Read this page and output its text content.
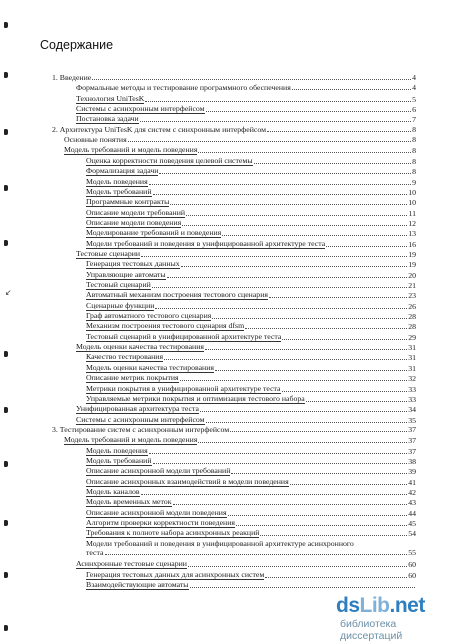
Содержание
1. Введение	4
Формальные методы и тестирование программного обеспечения	4
Технология UniTesK	5
Системы с асинхронным интерфейсом	6
Постановка задачи	7
2. Архитектура UniTesK для систем с синхронным интерфейсом	8
Основные понятия	8
Модель требований и модель поведения	8
Оценка корректности поведения целевой системы	8
Формализация задачи	8
Модель поведения	9
Модель требований	10
Программные контракты	10
Описание модели требований	11
Описание модели поведения	12
Моделирование требований и поведения	13
Модели требований и поведения в унифицированной архитектуре теста	16
Тестовые сценарии	19
Генерация тестовых данных	19
Управляющие автоматы	20
Тестовый сценарий	21
Автоматный механизм построения тестового сценария	23
Сценарные функции	26
Граф автоматного тестового сценария	28
Механизм построения тестового сценария dfsm	28
Тестовый сценарий в унифицированной архитектуре теста	29
Модель оценки качества тестирования	31
Качество тестирования	31
Модель оценки качества тестирования	31
Описание метрик покрытия	32
Метрики покрытия в унифицированной архитектуре теста	33
Управляемые метрики покрытия и оптимизация тестового набора	33
Унифицированная архитектура теста	34
Системы с асинхронным интерфейсом	35
3. Тестирование систем с асинхронным интерфейсом	37
Модель требований и модель поведения	37
Модель поведения	37
Модель требований	38
Описание асинхронной модели требований	39
Описание асинхронных взаимодействий в модели поведения	41
Модель каналов	42
Модель временных меток	43
Описание асинхронной модели поведения	44
Алгоритм проверки корректности поведения	45
Требования к полноте набора асинхронных реакций	54
Модели требований и поведения в унифицированной архитектуре асинхронного
теста	55
Асинхронные тестовые сценарии	60
Генерация тестовых данных для асинхронных систем	60
Взаимодействующие автоматы
↙
dsLib.net
библиотека диссертаций
